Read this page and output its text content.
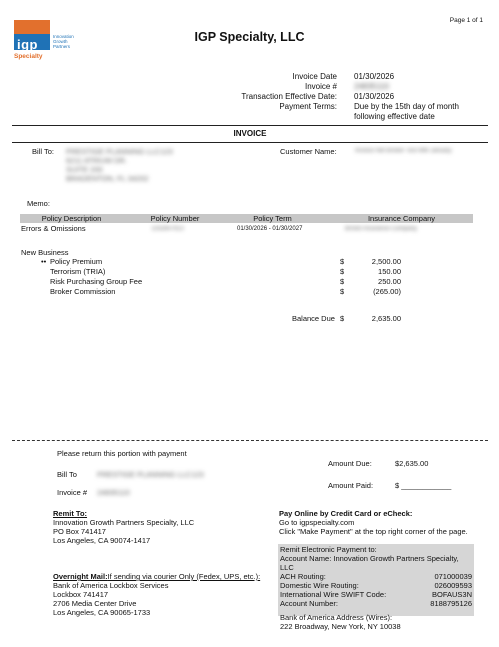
Page 1 of 1
igp
Innovation
Growth
Partners
Specialty
IGP Specialty, LLC
Invoice Date 01/30/2026
Invoice # 24835110
Transaction Effective Date: 01/30/2026
Payment Terms: Due by the 15th day of month
following effective date
INVOICE
Bill To: PRESTIGE PLANNING LLC123
6211 ATRIUM DR.
SUITE 200
BRADENTON, FL 34202
Customer Name:	Invoice Net Broker Test MM January
Memo:
Policy Description	Policy Number	Policy Term	Insurance Company
Errors & Omissions	EN2847913	01/30/2026 - 01/30/2027	Bristol Insurance Company
New Business
•• Policy Premium	$	2,500.00
Terrorism (TRIA)	$	150.00
Risk Purchasing Group Fee	$	250.00
Broker Commission	$	(265.00)
Balance Due $	2,635.00
Please return this portion with payment
Bill To	PRESTIGE PLANNING LLC123
Invoice # 24835110
Amount Due:	$2,635.00
Amount Paid:	$ ____________
Remit To:
Innovation Growth Partners Specialty, LLC
PO Box 741417
Los Angeles, CA 90074-1417
Overnight Mail:If sending via courier Only (Fedex, UPS, etc.):
Bank of America Lockbox Services
Lockbox 741417
2706 Media Center Drive
Los Angeles, CA 90065-1733
Pay Online by Credit Card or eCheck:
Go to igpspecialty.com
Click "Make Payment" at the top right corner of the page.
Remit Electronic Payment to:
Account Name: Innovation Growth Partners Specialty, LLC
ACH Routing:	071000039
Domestic Wire Routing:	026009593
International Wire SWIFT Code:	BOFAUS3N
Account Number:	8188795126
Bank of America Address (Wires):
222 Broadway, New York, NY 10038
